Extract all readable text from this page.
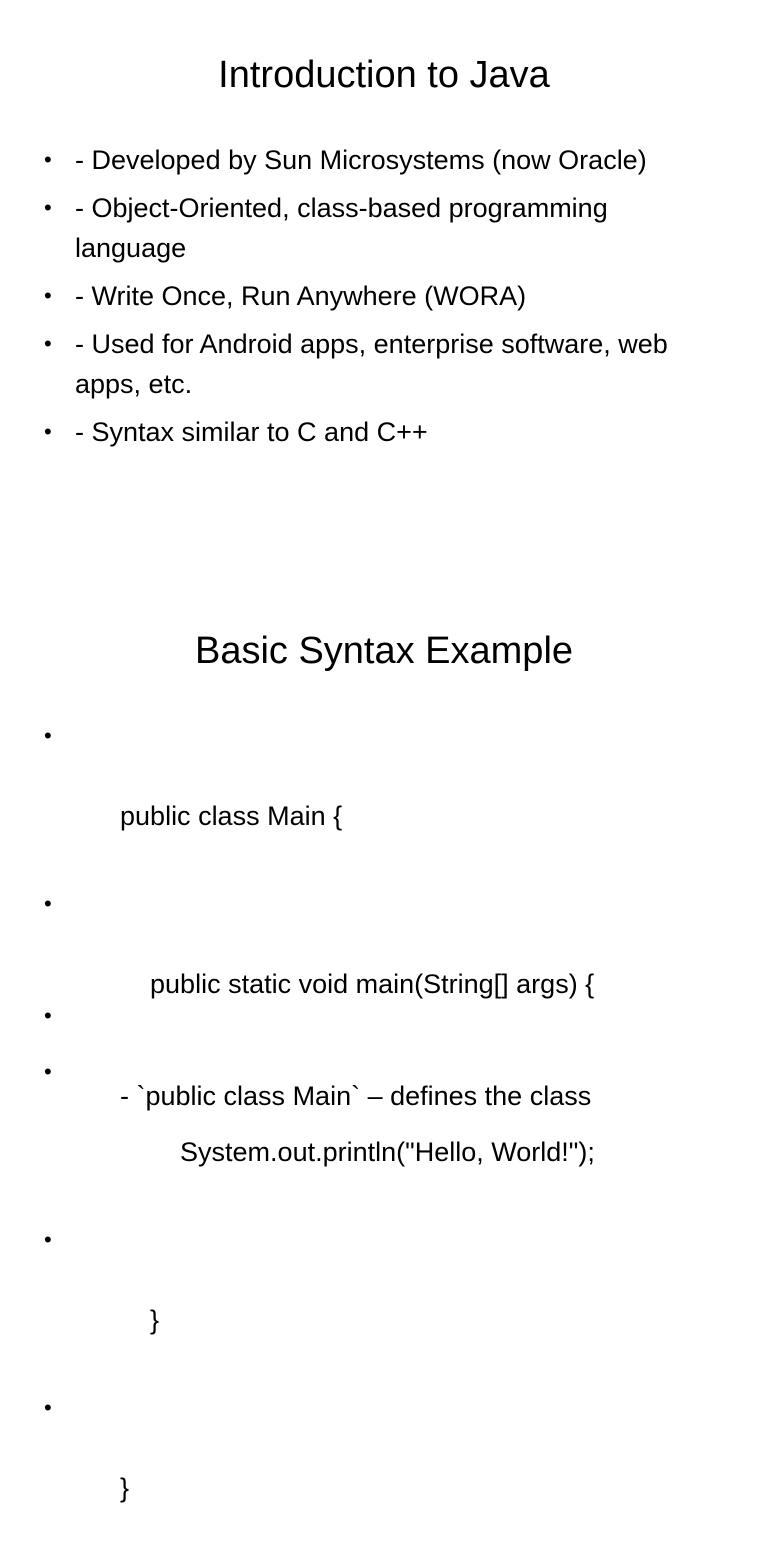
Introduction to Java
• - Developed by Sun Microsystems (now Oracle)
• - Object-Oriented, class-based programming language
• - Write Once, Run Anywhere (WORA)
• - Used for Android apps, enterprise software, web apps, etc.
• - Syntax similar to C and C++
Basic Syntax Example

•

public class Main {

•

public static void main(String[] args) {

•

System.out.println("Hello, World!");

•

}

•

}

•

- `public class Main` – defines the class
